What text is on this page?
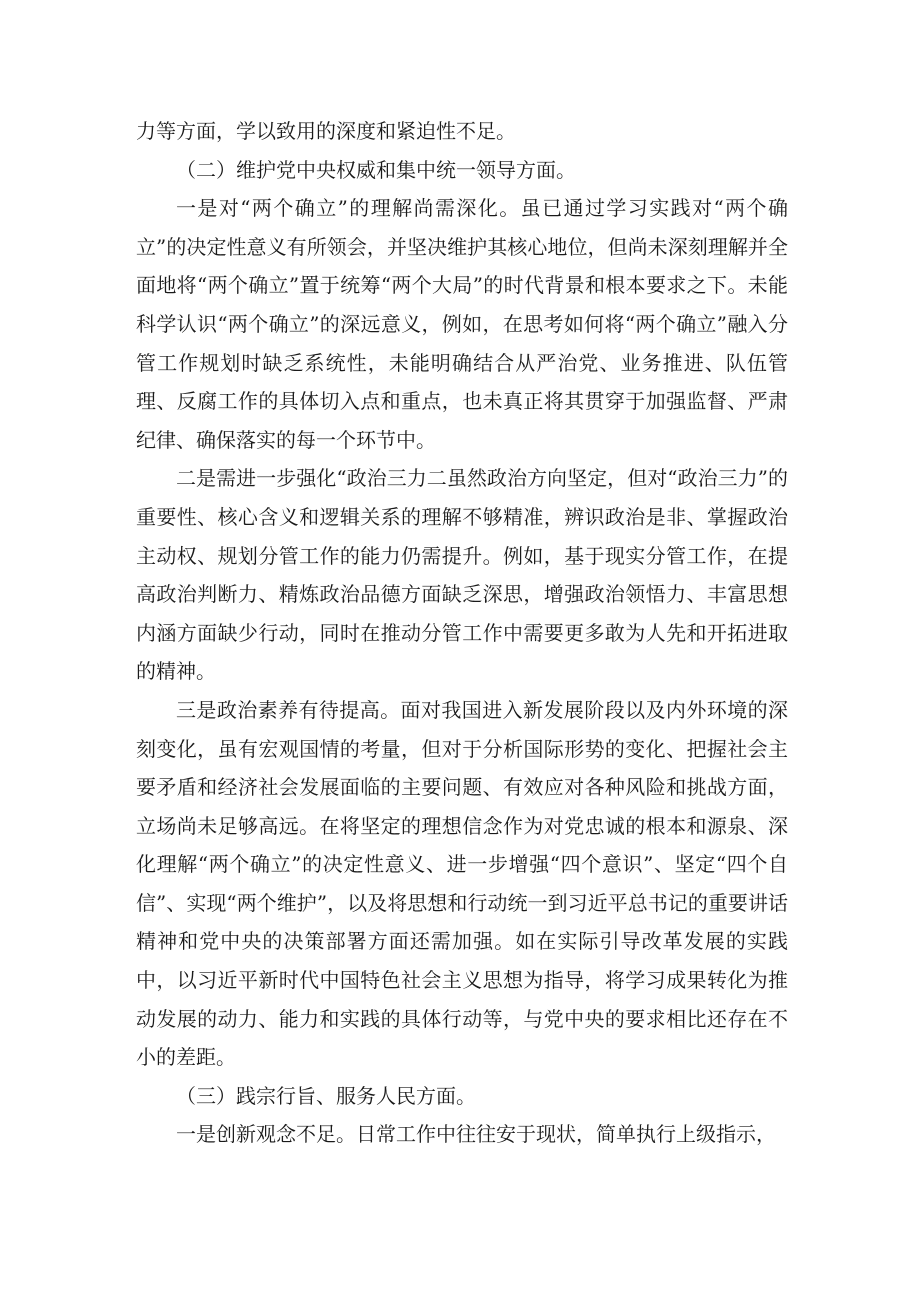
力等方面，学以致用的深度和紧迫性不足。

（二）维护党中央权威和集中统一领导方面。

一是对“两个确立”的理解尚需深化。虽已通过学习实践对“两个确立”的决定性意义有所领会，并坚决维护其核心地位，但尚未深刻理解并全面地将“两个确立”置于统筹“两个大局”的时代背景和根本要求之下。未能科学认识“两个确立”的深远意义，例如，在思考如何将“两个确立”融入分管工作规划时缺乏系统性，未能明确结合从严治党、业务推进、队伍管理、反腐工作的具体切入点和重点，也未真正将其贯穿于加强监督、严肃纪律、确保落实的每一个环节中。

二是需进一步强化“政治三力二虽然政治方向坚定，但对“政治三力”的重要性、核心含义和逻辑关系的理解不够精准，辨识政治是非、掌握政治主动权、规划分管工作的能力仍需提升。例如，基于现实分管工作，在提高政治判断力、精炼政治品德方面缺乏深思，增强政治领悟力、丰富思想内涵方面缺少行动，同时在推动分管工作中需要更多敢为人先和开拓进取的精神。

三是政治素养有待提高。面对我国进入新发展阶段以及内外环境的深刻变化，虽有宏观国情的考量，但对于分析国际形势的变化、把握社会主要矛盾和经济社会发展面临的主要问题、有效应对各种风险和挑战方面，立场尚未足够高远。在将坚定的理想信念作为对党忠诚的根本和源泉、深化理解“两个确立”的决定性意义、进一步增强“四个意识”、坚定“四个自信”、实现“两个维护”，以及将思想和行动统一到习近平总书记的重要讲话精神和党中央的决策部署方面还需加强。如在实际引导改革发展的实践中，以习近平新时代中国特色社会主义思想为指导，将学习成果转化为推动发展的动力、能力和实践的具体行动等，与党中央的要求相比还存在不小的差距。

（三）践宗行旨、服务人民方面。

一是创新观念不足。日常工作中往往安于现状，简单执行上级指示，
